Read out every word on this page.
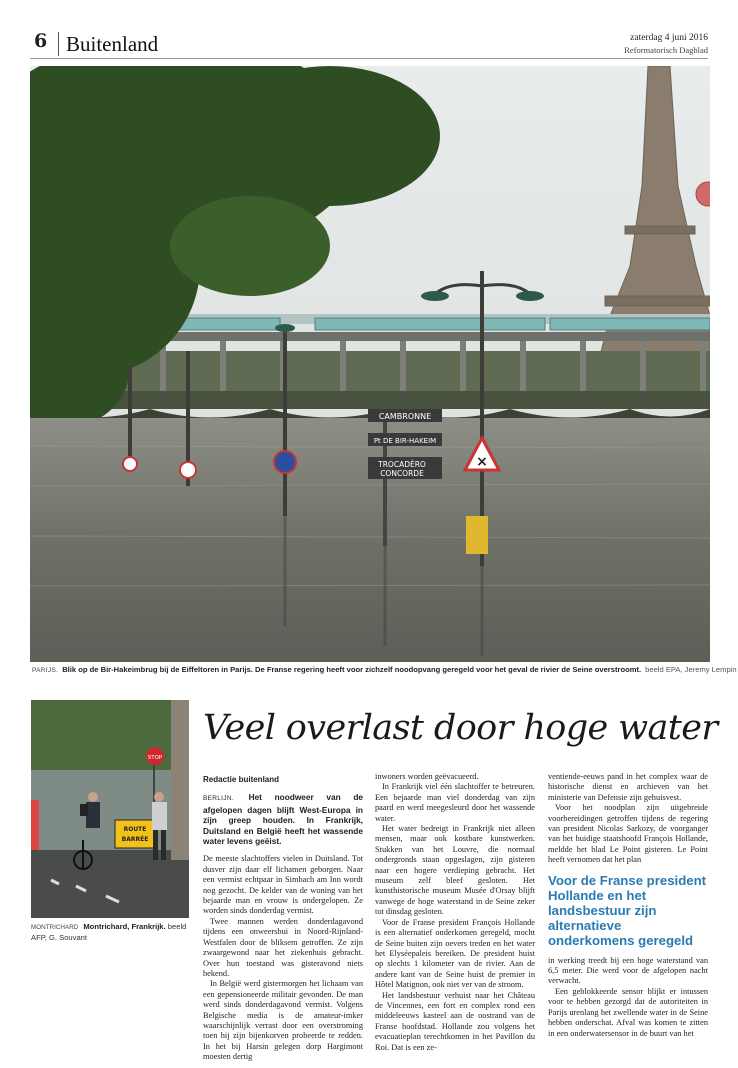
6 Buitenland	zaterdag 4 juni 2016
Reformatorisch Dagblad
CAMBRONNE
Pt DE BIR-HAKEIM
TROCADÉRO
CONCORDE
×
PARIJS. Blik op de Bir-Hakeimbrug bij de Eiffeltoren in Parijs. De Franse regering heeft voor zichzelf noodopvang geregeld voor het geval de rivier de Seine overstroomt. beeld EPA, Jeremy Lempin
STOP
ROUTE
BARRÉE
MONTRICHARD Montrichard, Frankrijk. beeld AFP, G. Souvant
Veel overlast door hoge water
Redactie buitenland

BERLIJN. Het noodweer van de afgelopen dagen blijft West-Europa in zijn greep houden. In Frankrijk, Duitsland en België heeft het wassende water levens geëist.

De meeste slachtoffers vielen in Duitsland. Tot dusver zijn daar elf lichamen geborgen. Naar een vermist echtpaar in Simbach am Inn wordt nog gezocht. De kelder van de woning van het bejaarde man en vrouw is ondergelopen. Ze worden sinds donderdag vermist.

Twee mannen werden donderdagavond tijdens een onweersbui in Noord-Rijnland-Westfalen door de bliksem getroffen. Ze zijn zwaargewond naar het ziekenhuis gebracht. Over hun toestand was gisteravond niets bekend.

In België werd gistermorgen het lichaam van een gepensioneerde militair gevonden. De man werd sinds donderdagavond vermist. Volgens Belgische media is de amateur-imker waarschijnlijk verrast door een overstroming toen hij zijn bijenkorven probeerde te redden. In het bij Harsin gelegen dorp Hargimont moesten dertig

inwoners worden geëvacueerd.

In Frankrijk viel één slachtoffer te betreuren. Een bejaarde man viel donderdag van zijn paard en werd meegesleurd door het wassende water.

Het water bedreigt in Frankrijk niet alleen mensen, maar ook kostbare kunstwerken. Stukken van het Louvre, die normaal ondergronds staan opgeslagen, zijn gisteren naar een hogere verdieping gebracht. Het museum zelf bleef gesloten. Het kunsthistorische museum Musée d'Orsay blijft vanwege de hoge waterstand in de Seine zeker tot dinsdag gesloten.

Voor de Franse president François Hollande is een alternatief onderkomen geregeld, mocht de Seine buiten zijn oevers treden en het water het Elyséepaleis bereiken. De president huist op slechts 1 kilometer van de rivier. Aan de andere kant van de Seine huist de premier in Hôtel Matignon, ook niet ver van de stroom.

Het landsbestuur verhuist naar het Château de Vincennes, een fort en complex rond een middeleeuws kasteel aan de oostrand van de Franse hoofdstad. Hollande zou volgens het evacuatieplan terechtkomen in het Pavillon du Roi. Dat is een ze-

ventiende-eeuws pand in het complex waar de historische dienst en archieven van het ministerie van Defensie zijn gehuisvest.

Voor het noodplan zijn uitgebreide voorbereidingen getroffen tijdens de regering van president Nicolas Sarkozy, de voorganger van het huidige staatshoofd François Hollande, meldde het blad Le Point gisteren. Le Point heeft vernomen dat het plan

Voor de Franse president Hollande en het landsbestuur zijn alternatieve onderkomens geregeld

in werking treedt bij een hoge waterstand van 6,5 meter. Die werd voor de afgelopen nacht verwacht.

Een geblokkeerde sensor blijkt er intussen voor te hebben gezorgd dat de autoriteiten in Parijs urenlang het zwellende water in de Seine hebben onderschat. Afval was komen te zitten in een onderwatersensor in de buurt van het
